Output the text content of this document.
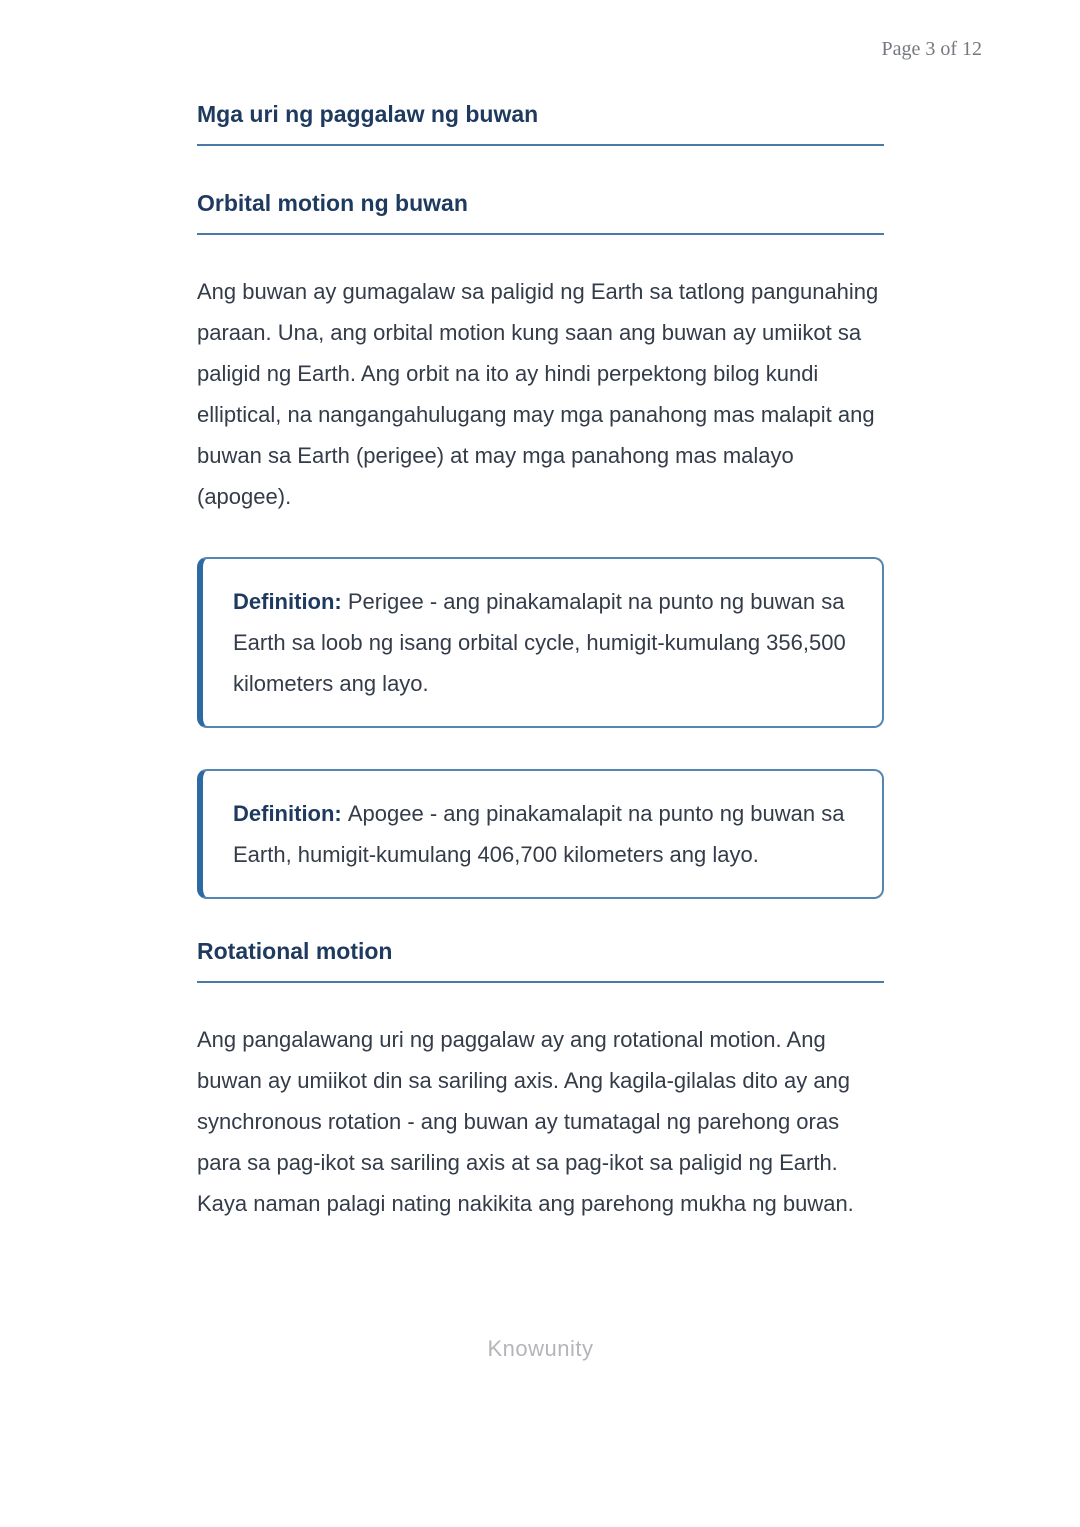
Page 3 of 12
Mga uri ng paggalaw ng buwan
Orbital motion ng buwan

Ang buwan ay gumagalaw sa paligid ng Earth sa tatlong pangunahing paraan. Una, ang orbital motion kung saan ang buwan ay umiikot sa paligid ng Earth. Ang orbit na ito ay hindi perpektong bilog kundi elliptical, na nangangahulugang may mga panahong mas malapit ang buwan sa Earth (perigee) at may mga panahong mas malayo (apogee).

Definition: Perigee - ang pinakamalapit na punto ng buwan sa Earth sa loob ng isang orbital cycle, humigit-kumulang 356,500 kilometers ang layo.
Definition: Apogee - ang pinakamalapit na punto ng buwan sa Earth, humigit-kumulang 406,700 kilometers ang layo.
Rotational motion

Ang pangalawang uri ng paggalaw ay ang rotational motion. Ang buwan ay umiikot din sa sariling axis. Ang kagila-gilalas dito ay ang synchronous rotation - ang buwan ay tumatagal ng parehong oras para sa pag-ikot sa sariling axis at sa pag-ikot sa paligid ng Earth. Kaya naman palagi nating nakikita ang parehong mukha ng buwan.

Knowunity
